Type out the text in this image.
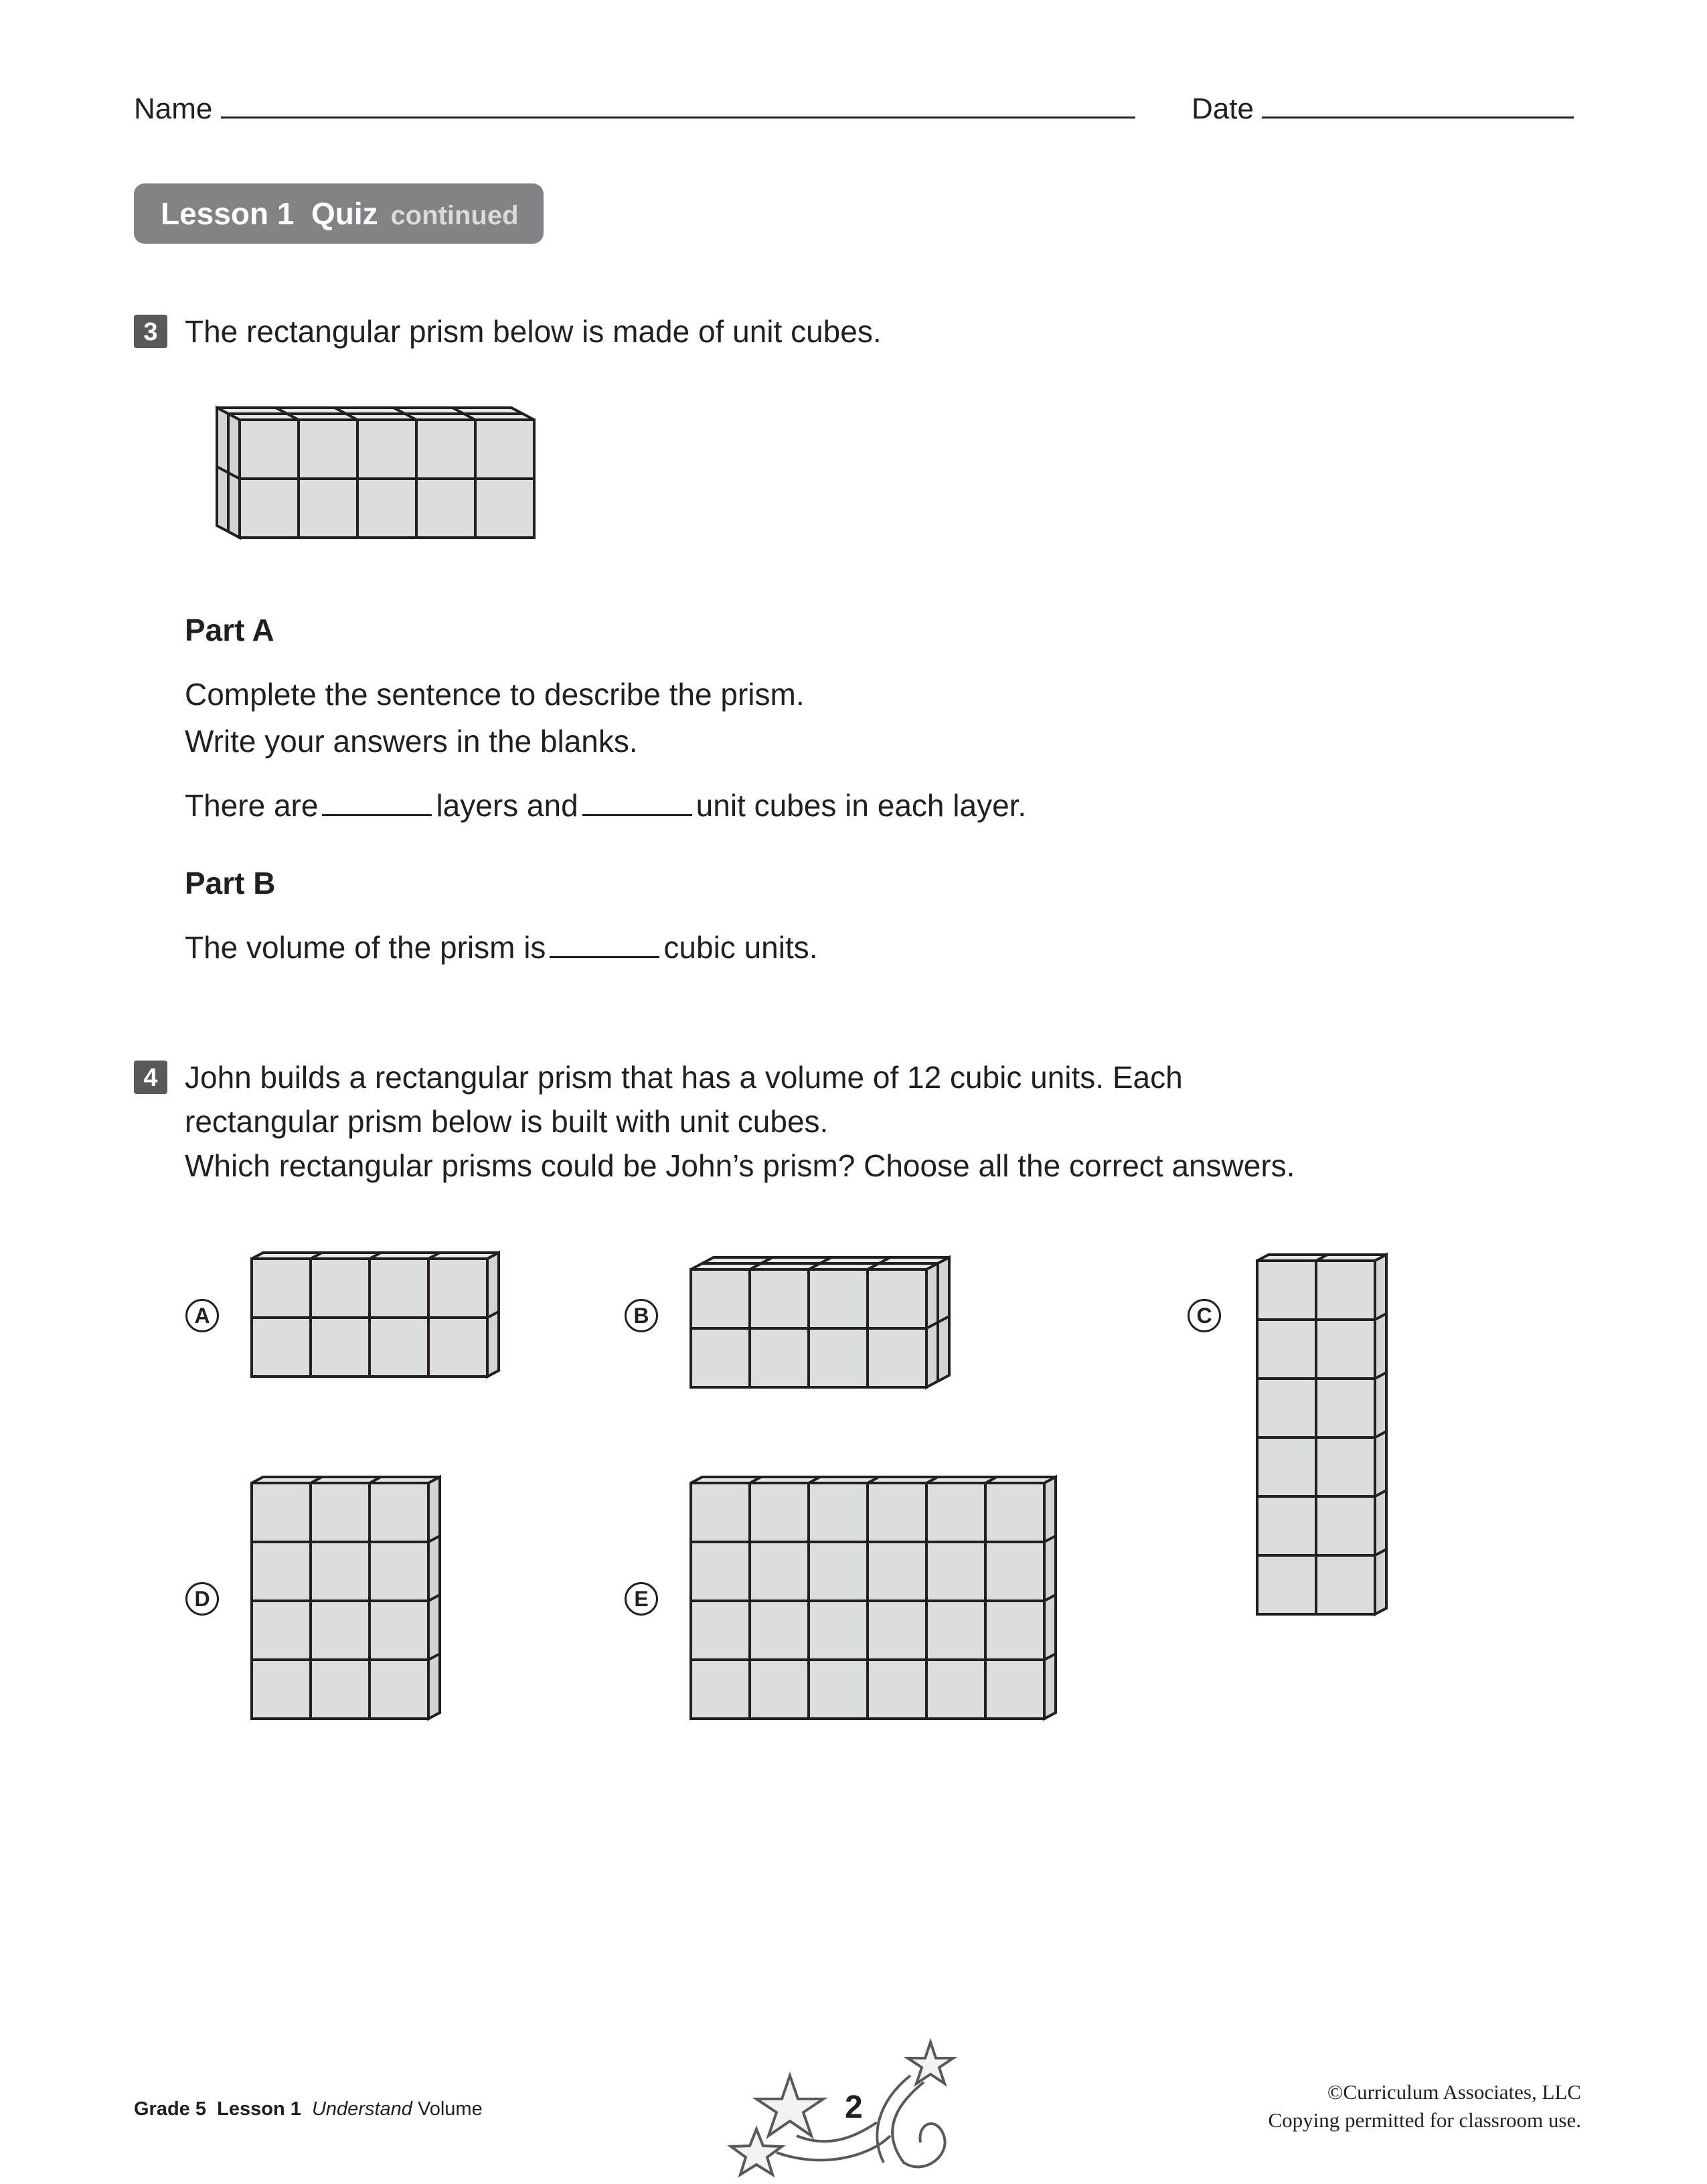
Name	Date
Lesson 1 Quiz continued
3 The rectangular prism below is made of unit cubes.
Part A
Complete the sentence to describe the prism.
Write your answers in the blanks.
There are	layers and	unit cubes in each layer.
Part B
The volume of the prism is	cubic units.
4 John builds a rectangular prism that has a volume of 12 cubic units. Each
rectangular prism below is built with unit cubes.
Which rectangular prisms could be John’s prism? Choose all the correct answers.
A	B	C
D	E
Grade 5 Lesson 1 Understand Volume	2	©Curriculum Associates, LLC
Copying permitted for classroom use.
